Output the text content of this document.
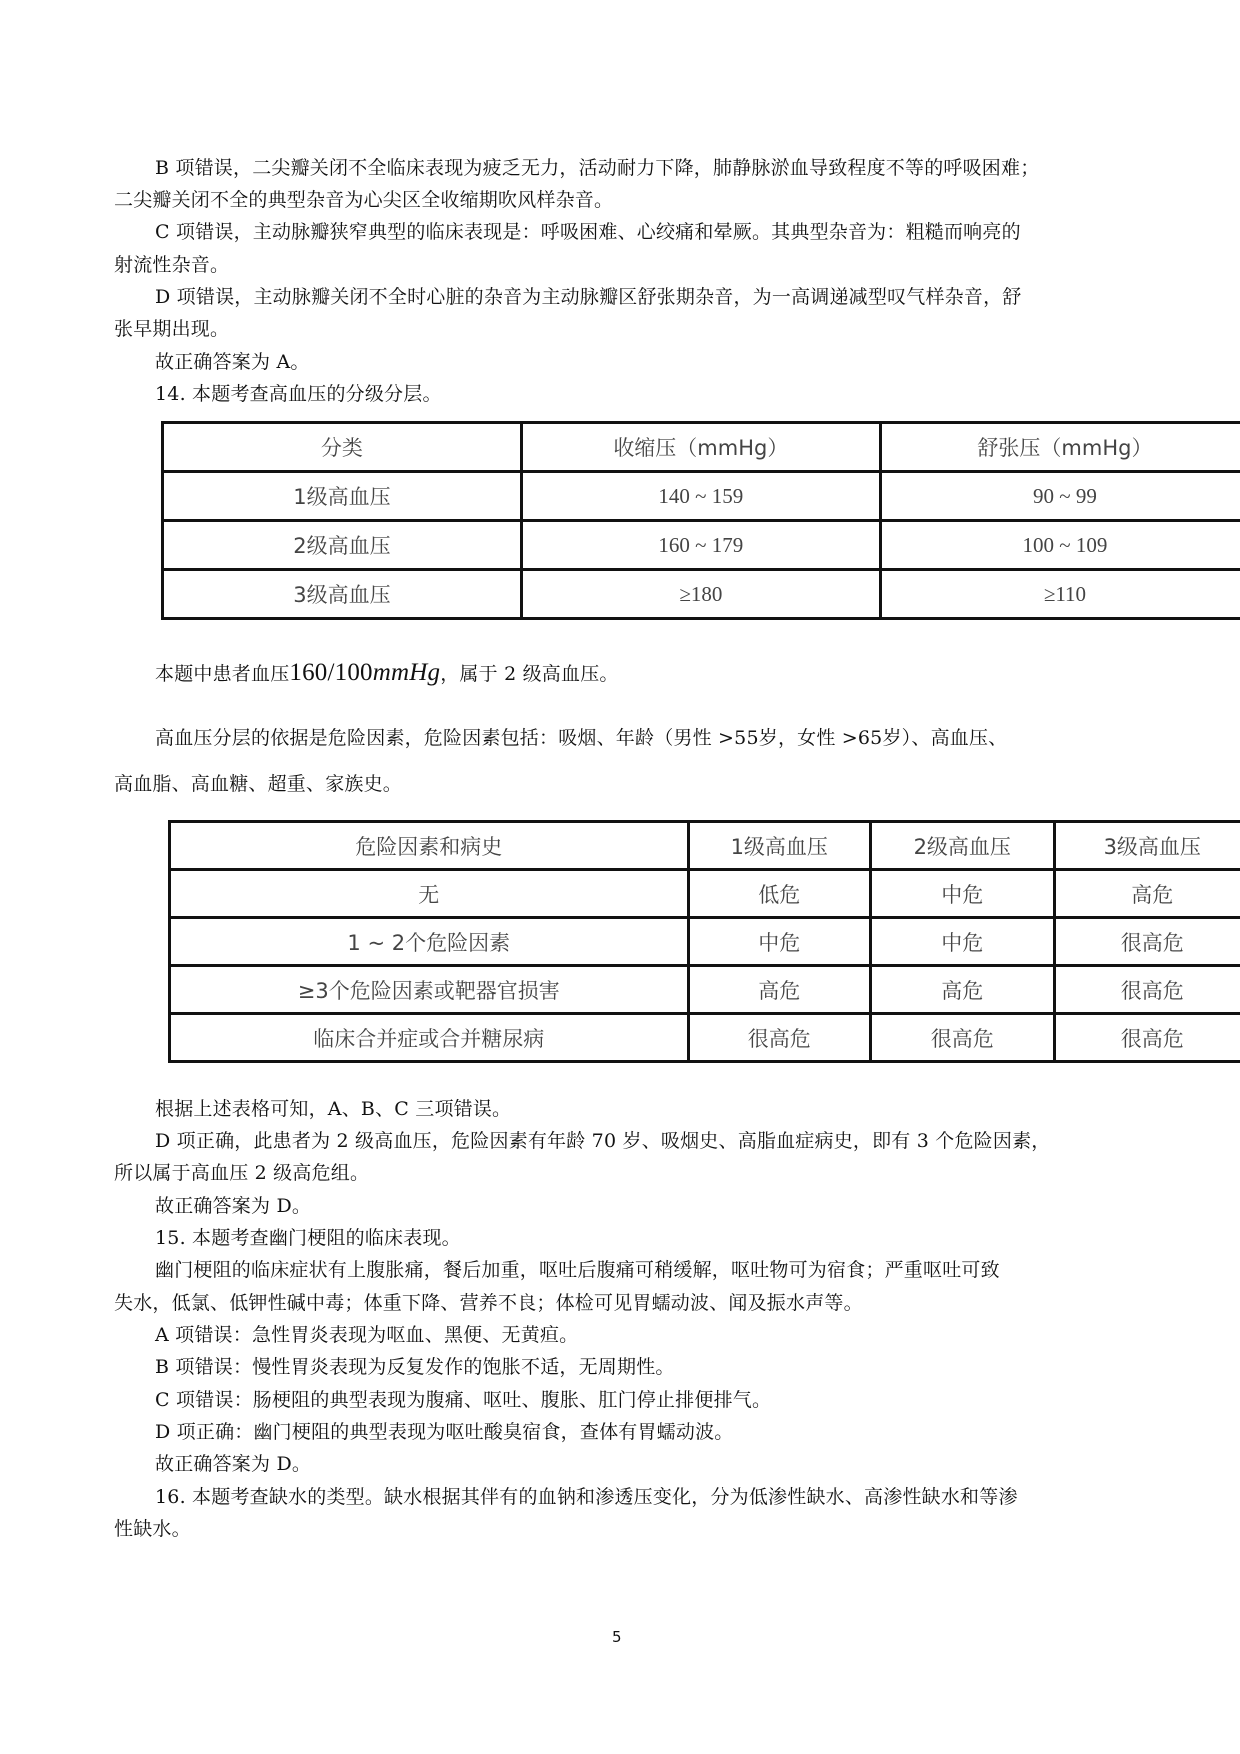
B 项错误，二尖瓣关闭不全临床表现为疲乏无力，活动耐力下降，肺静脉淤血导致程度不等的呼吸困难；
二尖瓣关闭不全的典型杂音为心尖区全收缩期吹风样杂音。
C 项错误，主动脉瓣狭窄典型的临床表现是：呼吸困难、心绞痛和晕厥。其典型杂音为：粗糙而响亮的
射流性杂音。
D 项错误，主动脉瓣关闭不全时心脏的杂音为主动脉瓣区舒张期杂音，为一高调递减型叹气样杂音，舒
张早期出现。
故正确答案为 A。
14. 本题考查高血压的分级分层。
分类	收缩压（mmHg）	舒张压（mmHg）
1级高血压	140 ~ 159	90 ~ 99
2级高血压	160 ~ 179	100 ~ 109
3级高血压	≥180	≥110
本题中患者血压160/100mmHg，属于 2 级高血压。
高血压分层的依据是危险因素，危险因素包括：吸烟、年龄（男性 >55岁，女性 >65岁）、高血压、
高血脂、高血糖、超重、家族史。
危险因素和病史	1级高血压	2级高血压	3级高血压
无	低危	中危	高危
1 ~ 2个危险因素	中危	中危	很高危
≥3个危险因素或靶器官损害	高危	高危	很高危
临床合并症或合并糖尿病	很高危	很高危	很高危
根据上述表格可知，A、B、C 三项错误。
D 项正确，此患者为 2 级高血压，危险因素有年龄 70 岁、吸烟史、高脂血症病史，即有 3 个危险因素，
所以属于高血压 2 级高危组。
故正确答案为 D。
15. 本题考查幽门梗阻的临床表现。
幽门梗阻的临床症状有上腹胀痛，餐后加重，呕吐后腹痛可稍缓解，呕吐物可为宿食；严重呕吐可致
失水，低氯、低钾性碱中毒；体重下降、营养不良；体检可见胃蠕动波、闻及振水声等。
A 项错误：急性胃炎表现为呕血、黑便、无黄疸。
B 项错误：慢性胃炎表现为反复发作的饱胀不适，无周期性。
C 项错误：肠梗阻的典型表现为腹痛、呕吐、腹胀、肛门停止排便排气。
D 项正确：幽门梗阻的典型表现为呕吐酸臭宿食，查体有胃蠕动波。
故正确答案为 D。
16. 本题考查缺水的类型。缺水根据其伴有的血钠和渗透压变化，分为低渗性缺水、高渗性缺水和等渗
性缺水。
5
